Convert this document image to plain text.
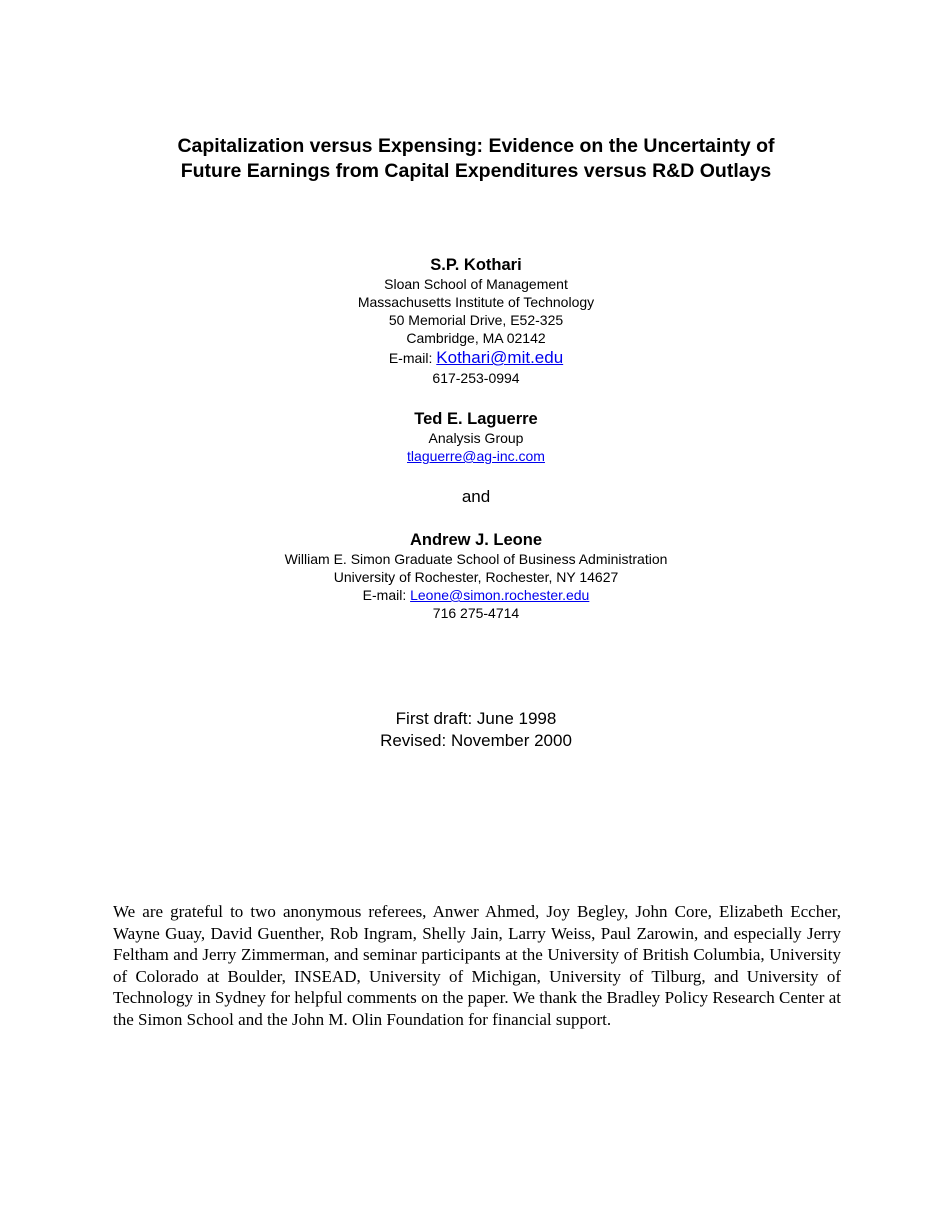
Capitalization versus Expensing: Evidence on the Uncertainty of
Future Earnings from Capital Expenditures versus R&D Outlays
S.P. Kothari
Sloan School of Management
Massachusetts Institute of Technology
50 Memorial Drive, E52-325
Cambridge, MA 02142
E-mail: Kothari@mit.edu
617-253-0994
Ted E. Laguerre
Analysis Group
tlaguerre@ag-inc.com
and
Andrew J. Leone
William E. Simon Graduate School of Business Administration
University of Rochester, Rochester, NY 14627
E-mail: Leone@simon.rochester.edu
716 275-4714
First draft: June 1998
Revised: November 2000
We are grateful to two anonymous referees, Anwer Ahmed, Joy Begley, John Core, Elizabeth Eccher, Wayne Guay, David Guenther, Rob Ingram, Shelly Jain, Larry Weiss, Paul Zarowin, and especially Jerry Feltham and Jerry Zimmerman, and seminar participants at the University of British Columbia, University of Colorado at Boulder, INSEAD, University of Michigan, University of Tilburg, and University of Technology in Sydney for helpful comments on the paper. We thank the Bradley Policy Research Center at the Simon School and the John M. Olin Foundation for financial support.
